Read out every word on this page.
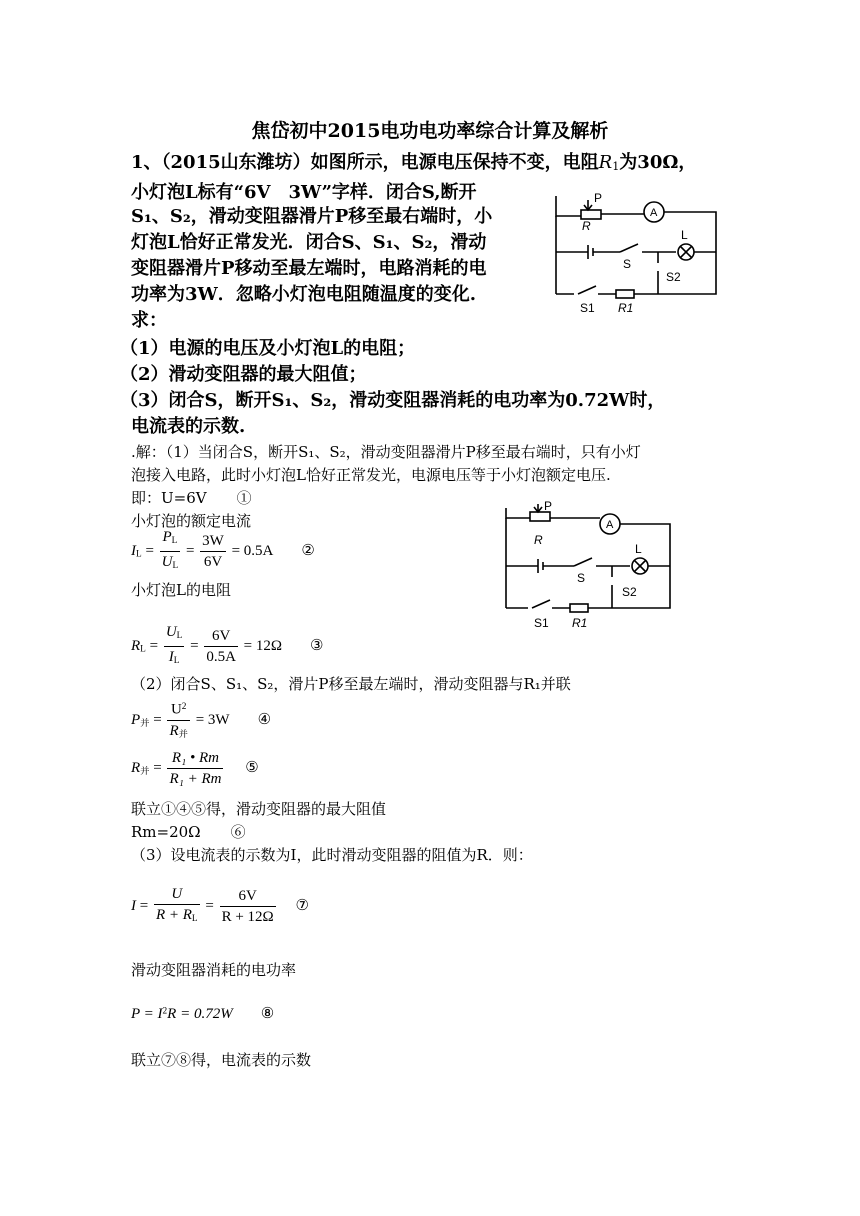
焦岱初中2015电功电功率综合计算及解析
1、（2015山东潍坊）如图所示，电源电压保持不变，电阻$R_1$为30Ω，
小灯泡L标有“6V　3W”字样．闭合S,断开
S₁、S₂，滑动变阻器滑片P移至最右端时，小
灯泡L恰好正常发光．闭合S、S₁、S₂，滑动
变阻器滑片P移动至最左端时，电路消耗的电
功率为3W．忽略小灯泡电阻随温度的变化.
求：
（1）电源的电压及小灯泡L的电阻；
（2）滑动变阻器的最大阻值；
（3）闭合S，断开S₁、S₂，滑动变阻器消耗的电功率为0.72W时，
电流表的示数.
P
A
R
L
S
S2
S1 R1
.解：（1）当闭合S，断开S₁、S₂，滑动变阻器滑片P移至最右端时，只有小灯
泡接入电路，此时小灯泡L恰好正常发光，电源电压等于小灯泡额定电压.
即：U=6V　　①
小灯泡的额定电流
$I_L = \frac{P_L}{U_L} = \frac{3W}{6V} = 0.5A$ ②
小灯泡L的电阻
$R_L = \frac{U_L}{I_L} = \frac{6V}{0.5A} = 12\Omega$ ③
P
A
R
L
S
S2
S1 R1
（2）闭合S、S₁、S₂，滑片P移至最左端时，滑动变阻器与R₁并联
$P_并 = \frac{U^2}{R_并} = 3W$ ④
$R_并 = \frac{\text{R₁ • Rm}}{\text{R₁ + Rm}}$ ⑤
联立①④⑤得，滑动变阻器的最大阻值
Rm=20Ω　　⑥
（3）设电流表的示数为I，此时滑动变阻器的阻值为R．则：
$I = \frac{U}{R + R_L} = \frac{6V}{R + 12\Omega}$ ⑦
滑动变阻器消耗的电功率
$P = I^2R = 0.72W$ ⑧
联立⑦⑧得，电流表的示数
